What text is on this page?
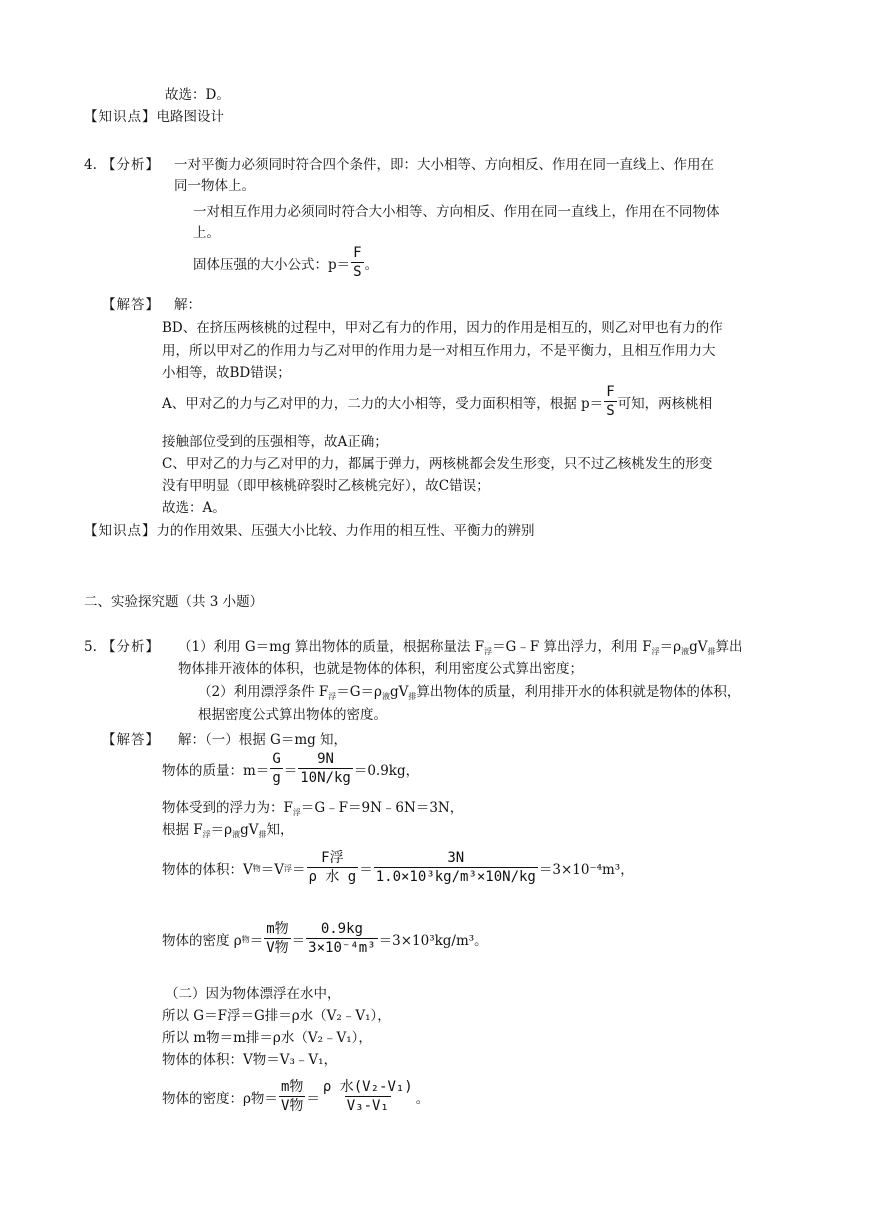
故选：D。
【知识点】电路图设计
4. 【分析】 一对平衡力必须同时符合四个条件，即：大小相等、方向相反、作用在同一直线上、作用在
同一物体上。
一对相互作用力必须同时符合大小相等、方向相反、作用在同一直线上，作用在不同物体
上。
固体压强的大小公式：$p= \frac{F}{S}$ 。
【解答】 解：
BD、在挤压两核桃的过程中，甲对乙有力的作用，因力的作用是相互的，则乙对甲也有力的作
用，所以甲对乙的作用力与乙对甲的作用力是一对相互作用力，不是平衡力，且相互作用力大
小相等，故BD错误；
A、甲对乙的力与乙对甲的力，二力的大小相等，受力面积相等，根据 $p= \frac{F}{S}$ 可知，两核桃相
接触部位受到的压强相等，故A正确；
C、甲对乙的力与乙对甲的力，都属于弹力，两核桃都会发生形变，只不过乙核桃发生的形变
没有甲明显（即甲核桃碎裂时乙核桃完好），故C错误；
故选：A。
【知识点】力的作用效果、压强大小比较、力作用的相互性、平衡力的辨别
二、实验探究题（共 3 小题）
5. 【分析】 （1）利用 G＝mg 算出物体的质量，根据称量法 $F_浮=G﹣F$ 算出浮力，利用 $F_浮=\rho_液gV_排$算出
物体排开液体的体积，也就是物体的体积，利用密度公式算出密度；
（2）利用漂浮条件 $F_浮=G=\rho_液gV_排$算出物体的质量，利用排开水的体积就是物体的体积，
根据密度公式算出物体的密度。
【解答】 解：（一）根据 G＝mg 知，
物体的质量：$m= \frac{G}{g} = \frac{9N}{10N/kg} =0.9kg$，
物体受到的浮力为：$F_浮=G﹣F=9N﹣6N=3N$，
根据 $F_浮=\rho_液gV_排$知，
物体的体积：V 物 ＝V 浮 ＝ $\frac{\text{F浮}}{\text{ρ 水 g}} = \frac{3N}{\text{1.0×10³kg/m³×10N/kg}} =3\times 10^{-4}m^3$，
物体的密度 ρ 物 ＝ $\frac{\text{m物}}{\text{V物}} = \frac{0.9kg}{\text{3×10⁻⁴m³}} =3\times 10^3kg/m^3$。
（二）因为物体漂浮在水中，
所以 G＝F浮＝G排＝ρ水（V₂﹣V₁），
所以 m物＝m排＝ρ水（V₂﹣V₁），
物体的体积：V物＝V₃﹣V₁，
物体的密度：ρ物＝ $\frac{\text{m物}}{\text{V物}} = \frac{\text{ρ 水(V₂-V₁)}}{\text{V₃-V₁}}$ 。
